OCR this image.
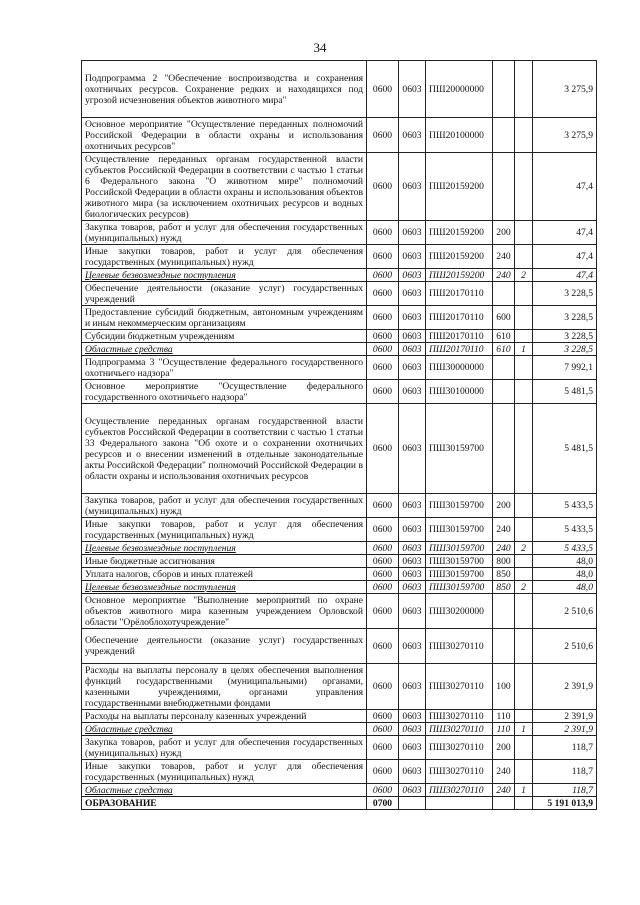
34
Подпрограмма 2 "Обеспечение воспроизводства и сохранения охотничьих ресурсов. Сохранение редких и находящихся под угрозой исчезновения объектов животного мира"	0600	0603	ПШ20000000			3 275,9
Основное мероприятие "Осуществление переданных полномочий Российской Федерации в области охраны и использования охотничьих ресурсов"	0600	0603	ПШ20100000			3 275,9
Осуществление переданных органам государственной власти субъектов Российской Федерации в соответствии с частью 1 статьи 6 Федерального закона "О животном мире" полномочий Российской Федерации в области охраны и использования объектов животного мира (за исключением охотничьих ресурсов и водных биологических ресурсов)	0600	0603	ПШ20159200			47,4
Закупка товаров, работ и услуг для обеспечения государственных (муниципальных) нужд	0600	0603	ПШ20159200	200		47,4
Иные закупки товаров, работ и услуг для обеспечения государственных (муниципальных) нужд	0600	0603	ПШ20159200	240		47,4
Целевые безвозмездные поступления	0600	0603	ПШ20159200	240	2	47,4
Обеспечение деятельности (оказание услуг) государственных учреждений	0600	0603	ПШ20170110			3 228,5
Предоставление субсидий бюджетным, автономным учреждениям и иным некоммерческим организациям	0600	0603	ПШ20170110	600		3 228,5
Субсидии бюджетным учреждениям	0600	0603	ПШ20170110	610		3 228,5
Областные средства	0600	0603	ПШ20170110	610	1	3 228,5
Подпрограмма 3 "Осуществление федерального государственного охотничьего надзора"	0600	0603	ПШ30000000			7 992,1
Основное мероприятие "Осуществление федерального государственного охотничьего надзора"	0600	0603	ПШ30100000			5 481,5
Осуществление переданных органам государственной власти субъектов Российской Федерации в соответствии с частью 1 статьи 33 Федерального закона "Об охоте и о сохранении охотничьих ресурсов и о внесении изменений в отдельные законодательные акты Российской Федерации" полномочий Российской Федерации в области охраны и использования охотничьих ресурсов	0600	0603	ПШ30159700			5 481,5
Закупка товаров, работ и услуг для обеспечения государственных (муниципальных) нужд	0600	0603	ПШ30159700	200		5 433,5
Иные закупки товаров, работ и услуг для обеспечения государственных (муниципальных) нужд	0600	0603	ПШ30159700	240		5 433,5
Целевые безвозмездные поступления	0600	0603	ПШ30159700	240	2	5 433,5
Иные бюджетные ассигнования	0600	0603	ПШ30159700	800		48,0
Уплата налогов, сборов и иных платежей	0600	0603	ПШ30159700	850		48,0
Целевые безвозмездные поступления	0600	0603	ПШ30159700	850	2	48,0
Основное мероприятие "Выполнение мероприятий по охране объектов животного мира казенным учреждением Орловской области "Орёлоблохотучреждение"	0600	0603	ПШ30200000			2 510,6
Обеспечение деятельности (оказание услуг) государственных учреждений	0600	0603	ПШ30270110			2 510,6
Расходы на выплаты персоналу в целях обеспечения выполнения функций государственными (муниципальными) органами, казенными учреждениями, органами управления государственными внебюджетными фондами	0600	0603	ПШ30270110	100		2 391,9
Расходы на выплаты персоналу казенных учреждений	0600	0603	ПШ30270110	110		2 391,9
Областные средства	0600	0603	ПШ30270110	110	1	2 391,9
Закупка товаров, работ и услуг для обеспечения государственных (муниципальных) нужд	0600	0603	ПШ30270110	200		118,7
Иные закупки товаров, работ и услуг для обеспечения государственных (муниципальных) нужд	0600	0603	ПШ30270110	240		118,7
Областные средства	0600	0603	ПШ30270110	240	1	118,7
ОБРАЗОВАНИЕ	0700					5 191 013,9
